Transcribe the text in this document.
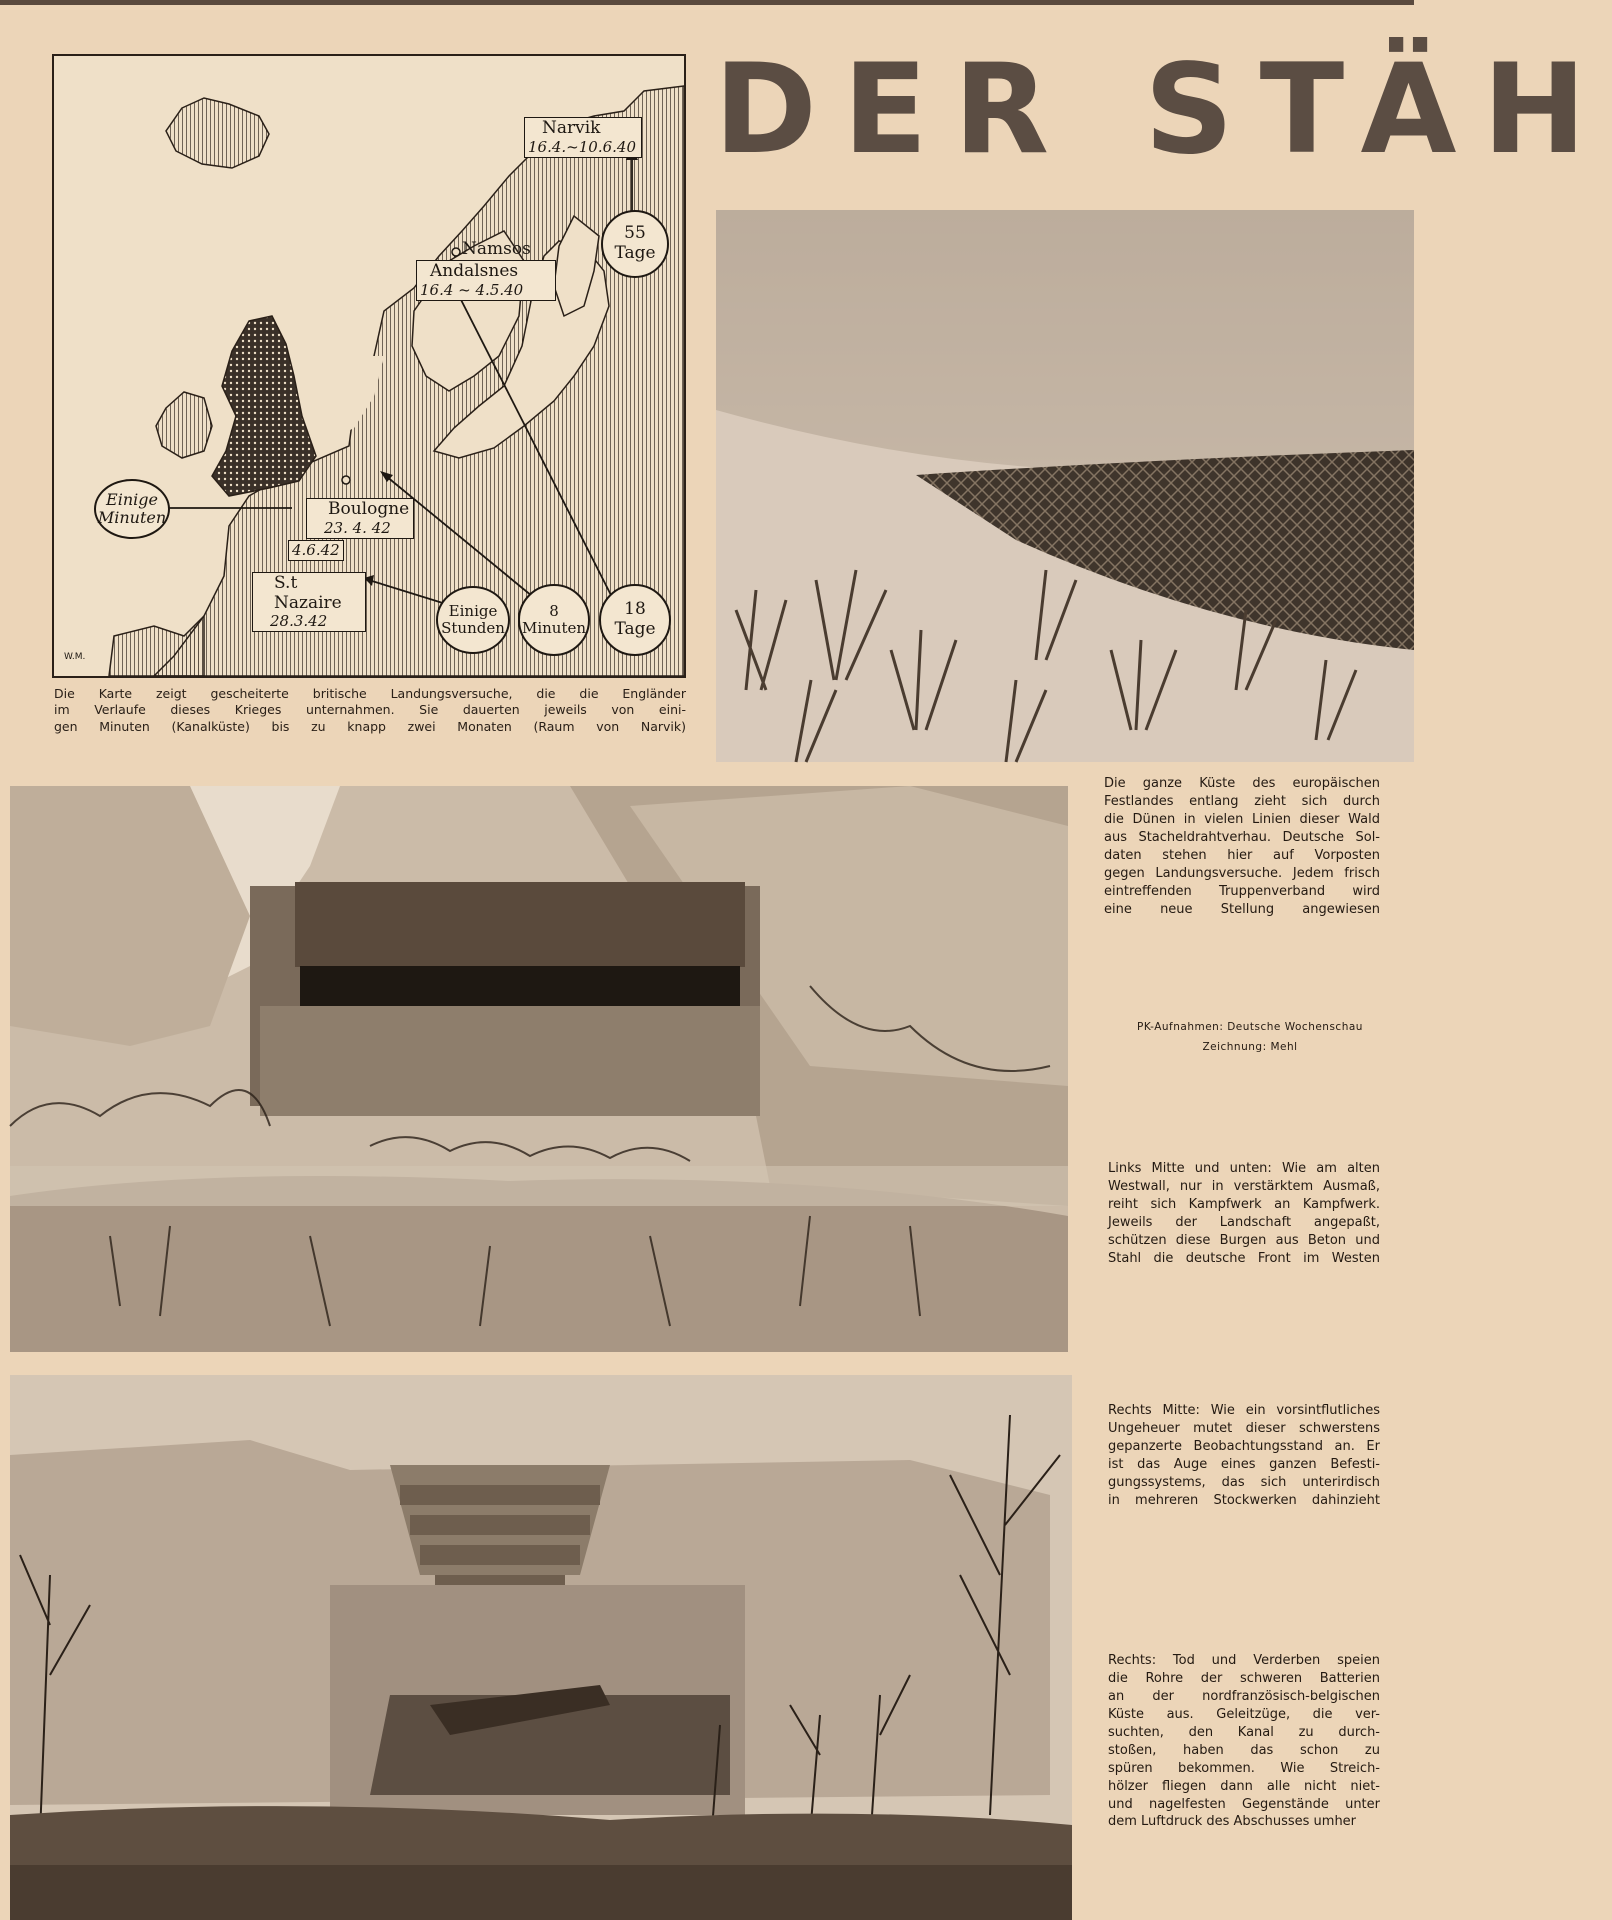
Narvik
16.4.~10.6.40
Namsos
Andalsnes
16.4 ~ 4.5.40
Boulogne
23. 4. 42
4.6.42
S.t Nazaire
28.3.42
55
Tage
18
Tage
8
Minuten
Einige
Stunden
Einige
Minuten
W.M.
Die Karte zeigt gescheiterte britische Landungsversuche, die die Engländer
im Verlaufe dieses Krieges unternahmen. Sie dauerten jeweils von eini-
gen Minuten (Kanalküste) bis zu knapp zwei Monaten (Raum von Narvik)
DER STÄH
Die ganze Küste des europäischen
Festlandes entlang zieht sich durch
die Dünen in vielen Linien dieser Wald
aus Stacheldrahtverhau. Deutsche Sol-
daten stehen hier auf Vorposten
gegen Landungsversuche. Jedem frisch
eintreffenden Truppenverband wird
eine neue Stellung angewiesen
PK-Aufnahmen: Deutsche Wochenschau
Zeichnung: Mehl
Links Mitte und unten: Wie am alten
Westwall, nur in verstärktem Ausmaß,
reiht sich Kampfwerk an Kampfwerk.
Jeweils der Landschaft angepaßt,
schützen diese Burgen aus Beton und
Stahl die deutsche Front im Westen
Rechts Mitte: Wie ein vorsintflutliches
Ungeheuer mutet dieser schwerstens
gepanzerte Beobachtungsstand an. Er
ist das Auge eines ganzen Befesti-
gungssystems, das sich unterirdisch
in mehreren Stockwerken dahinzieht
Rechts: Tod und Verderben speien
die Rohre der schweren Batterien
an der nordfranzösisch-belgischen
Küste aus. Geleitzüge, die ver-
suchten, den Kanal zu durch-
stoßen, haben das schon zu
spüren bekommen. Wie Streich-
hölzer fliegen dann alle nicht niet-
und nagelfesten Gegenstände unter
dem Luftdruck des Abschusses umher
